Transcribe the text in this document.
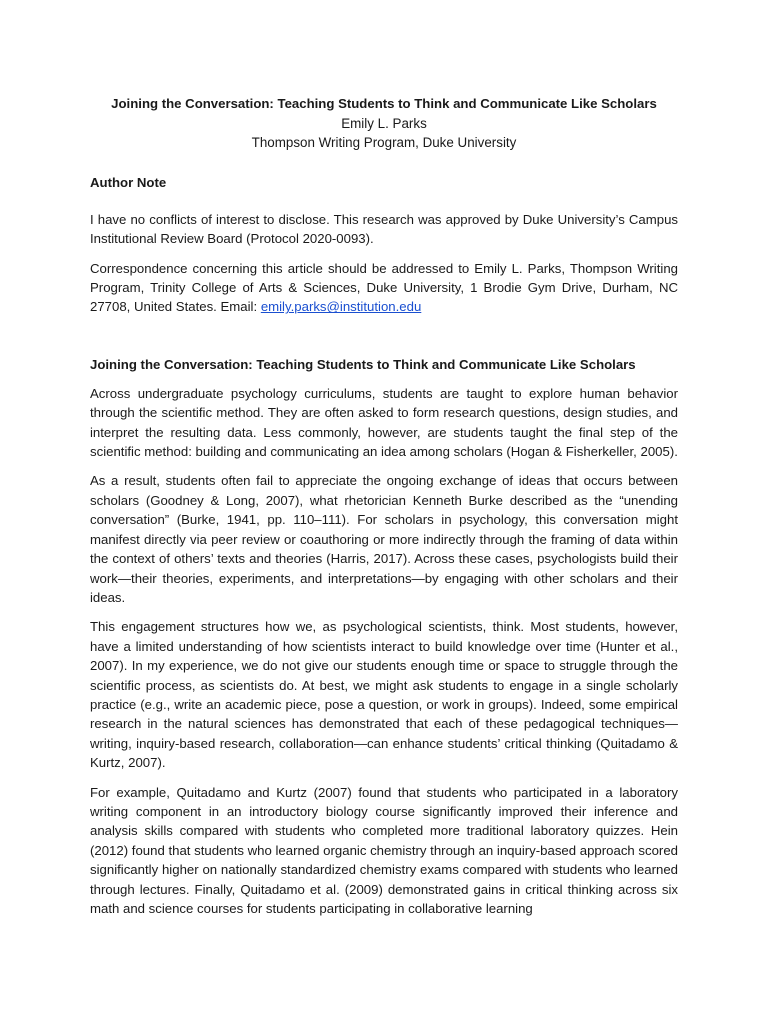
Joining the Conversation: Teaching Students to Think and Communicate Like Scholars
Emily L. Parks
Thompson Writing Program, Duke University
Author Note

I have no conflicts of interest to disclose. This research was approved by Duke University’s Campus Institutional Review Board (Protocol 2020-0093).

Correspondence concerning this article should be addressed to Emily L. Parks, Thompson Writing Program, Trinity College of Arts & Sciences, Duke University, 1 Brodie Gym Drive, Durham, NC 27708, United States. Email: emily.parks@institution.edu

Joining the Conversation: Teaching Students to Think and Communicate Like Scholars

Across undergraduate psychology curriculums, students are taught to explore human behavior through the scientific method. They are often asked to form research questions, design studies, and interpret the resulting data. Less commonly, however, are students taught the final step of the scientific method: building and communicating an idea among scholars (Hogan & Fisherkeller, 2005).

As a result, students often fail to appreciate the ongoing exchange of ideas that occurs between scholars (Goodney & Long, 2007), what rhetorician Kenneth Burke described as the “unending conversation” (Burke, 1941, pp. 110–111). For scholars in psychology, this conversation might manifest directly via peer review or coauthoring or more indirectly through the framing of data within the context of others’ texts and theories (Harris, 2017). Across these cases, psychologists build their work—their theories, experiments, and interpretations—by engaging with other scholars and their ideas.

This engagement structures how we, as psychological scientists, think. Most students, however, have a limited understanding of how scientists interact to build knowledge over time (Hunter et al., 2007). In my experience, we do not give our students enough time or space to struggle through the scientific process, as scientists do. At best, we might ask students to engage in a single scholarly practice (e.g., write an academic piece, pose a question, or work in groups). Indeed, some empirical research in the natural sciences has demonstrated that each of these pedagogical techniques—writing, inquiry-based research, collaboration—can enhance students’ critical thinking (Quitadamo & Kurtz, 2007).

For example, Quitadamo and Kurtz (2007) found that students who participated in a laboratory writing component in an introductory biology course significantly improved their inference and analysis skills compared with students who completed more traditional laboratory quizzes. Hein (2012) found that students who learned organic chemistry through an inquiry-based approach scored significantly higher on nationally standardized chemistry exams compared with students who learned through lectures. Finally, Quitadamo et al. (2009) demonstrated gains in critical thinking across six math and science courses for students participating in collaborative learning
